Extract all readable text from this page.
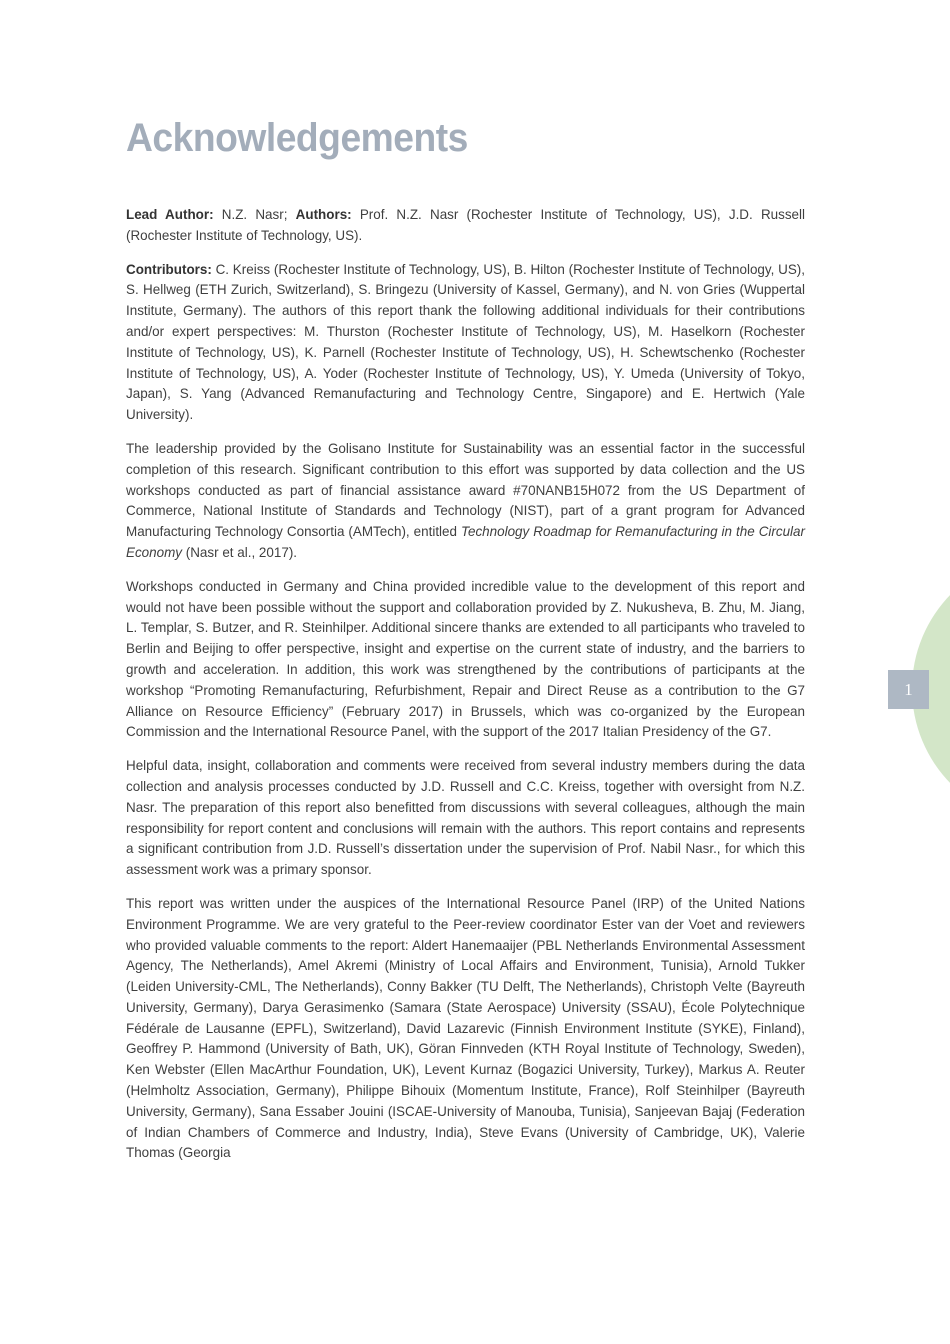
Acknowledgements

Lead Author: N.Z. Nasr; Authors: Prof. N.Z. Nasr (Rochester Institute of Technology, US), J.D. Russell (Rochester Institute of Technology, US).

Contributors: C. Kreiss (Rochester Institute of Technology, US), B. Hilton (Rochester Institute of Technology, US), S. Hellweg (ETH Zurich, Switzerland), S. Bringezu (University of Kassel, Germany), and N. von Gries (Wuppertal Institute, Germany). The authors of this report thank the following additional individuals for their contributions and/or expert perspectives: M. Thurston (Rochester Institute of Technology, US), M. Haselkorn (Rochester Institute of Technology, US), K. Parnell (Rochester Institute of Technology, US), H. Schewtschenko (Rochester Institute of Technology, US), A. Yoder (Rochester Institute of Technology, US), Y. Umeda (University of Tokyo, Japan), S. Yang (Advanced Remanufacturing and Technology Centre, Singapore) and E. Hertwich (Yale University).

The leadership provided by the Golisano Institute for Sustainability was an essential factor in the successful completion of this research. Significant contribution to this effort was supported by data collection and the US workshops conducted as part of financial assistance award #70NANB15H072 from the US Department of Commerce, National Institute of Standards and Technology (NIST), part of a grant program for Advanced Manufacturing Technology Consortia (AMTech), entitled Technology Roadmap for Remanufacturing in the Circular Economy (Nasr et al., 2017).

Workshops conducted in Germany and China provided incredible value to the development of this report and would not have been possible without the support and collaboration provided by Z. Nukusheva, B. Zhu, M. Jiang, L. Templar, S. Butzer, and R. Steinhilper. Additional sincere thanks are extended to all participants who traveled to Berlin and Beijing to offer perspective, insight and expertise on the current state of industry, and the barriers to growth and acceleration. In addition, this work was strengthened by the contributions of participants at the workshop “Promoting Remanufacturing, Refurbishment, Repair and Direct Reuse as a contribution to the G7 Alliance on Resource Efficiency” (February 2017) in Brussels, which was co-organized by the European Commission and the International Resource Panel, with the support of the 2017 Italian Presidency of the G7.

Helpful data, insight, collaboration and comments were received from several industry members during the data collection and analysis processes conducted by J.D. Russell and C.C. Kreiss, together with oversight from N.Z. Nasr. The preparation of this report also benefitted from discussions with several colleagues, although the main responsibility for report content and conclusions will remain with the authors. This report contains and represents a significant contribution from J.D. Russell’s dissertation under the supervision of Prof. Nabil Nasr., for which this assessment work was a primary sponsor.

This report was written under the auspices of the International Resource Panel (IRP) of the United Nations Environment Programme. We are very grateful to the Peer-review coordinator Ester van der Voet and reviewers who provided valuable comments to the report: Aldert Hanemaaijer (PBL Netherlands Environmental Assessment Agency, The Netherlands), Amel Akremi (Ministry of Local Affairs and Environment, Tunisia), Arnold Tukker (Leiden University-CML, The Netherlands), Conny Bakker (TU Delft, The Netherlands), Christoph Velte (Bayreuth University, Germany), Darya Gerasimenko (Samara (State Aerospace) University (SSAU), École Polytechnique Fédérale de Lausanne (EPFL), Switzerland), David Lazarevic (Finnish Environment Institute (SYKE), Finland), Geoffrey P. Hammond (University of Bath, UK), Göran Finnveden (KTH Royal Institute of Technology, Sweden), Ken Webster (Ellen MacArthur Foundation, UK), Levent Kurnaz (Bogazici University, Turkey), Markus A. Reuter (Helmholtz Association, Germany), Philippe Bihouix (Momentum Institute, France), Rolf Steinhilper (Bayreuth University, Germany), Sana Essaber Jouini (ISCAE-University of Manouba, Tunisia), Sanjeevan Bajaj (Federation of Indian Chambers of Commerce and Industry, India), Steve Evans (University of Cambridge, UK), Valerie Thomas (Georgia

1
